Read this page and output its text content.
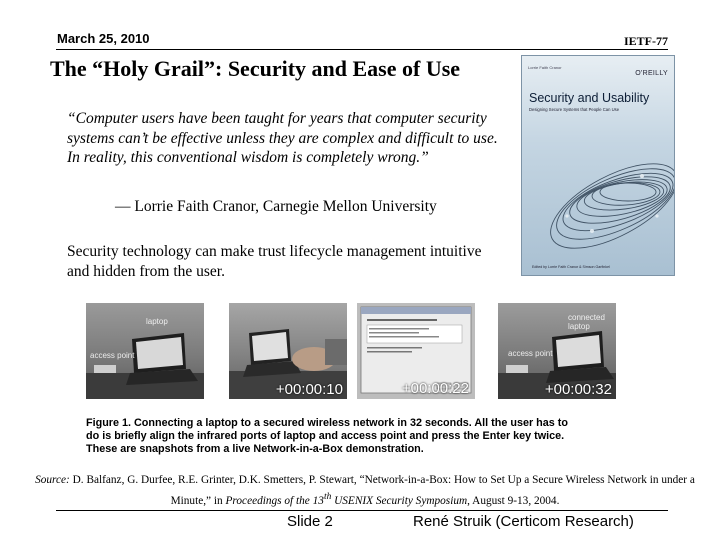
March 25, 2010	IETF-77
The “Holy Grail”: Security and Ease of Use
“Computer users have been taught for years that computer security systems can’t be effective unless they are complex and difficult to use. In reality, this conventional wisdom is completely wrong.”
— Lorrie Faith Cranor, Carnegie Mellon University
Security technology can make trust lifecycle management intuitive and hidden from the user.
Lorrie Faith Cranor
O'REILLY
Security and Usability
Designing Secure Systems that People Can Use
Edited by Lorrie Faith Cranor & Simson Garfinkel
laptop
access point
+00:00:10	+00:00:22
connected laptop
access point
+00:00:32
Figure 1. Connecting a laptop to a secured wireless network in 32 seconds. All the user has to
do is briefly align the infrared ports of laptop and access point and press the Enter key twice.
These are snapshots from a live Network-in-a-Box demonstration.
Source: D. Balfanz, G. Durfee, R.E. Grinter, D.K. Smetters, P. Stewart, “Network-in-a-Box: How to Set Up a Secure Wireless Network in under a Minute,” in Proceedings of the 13th USENIX Security Symposium, August 9-13, 2004.
Slide 2	René Struik (Certicom Research)
